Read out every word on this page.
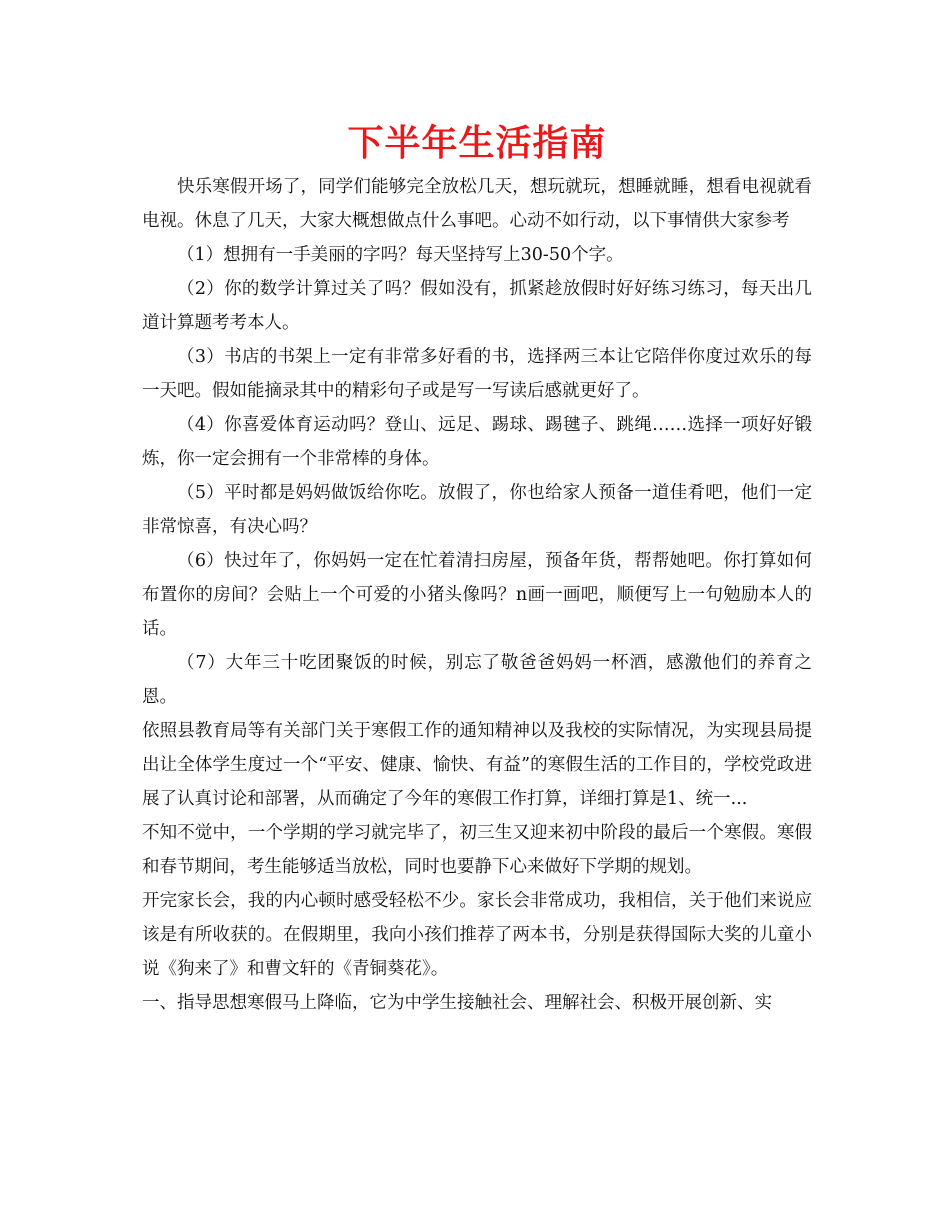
下半年生活指南

快乐寒假开场了，同学们能够完全放松几天，想玩就玩，想睡就睡，想看电视就看电视。休息了几天，大家大概想做点什么事吧。心动不如行动，以下事情供大家参考

（1）想拥有一手美丽的字吗？每天坚持写上30-50个字。

（2）你的数学计算过关了吗？假如没有，抓紧趁放假时好好练习练习，每天出几道计算题考考本人。

（3）书店的书架上一定有非常多好看的书，选择两三本让它陪伴你度过欢乐的每一天吧。假如能摘录其中的精彩句子或是写一写读后感就更好了。

（4）你喜爱体育运动吗？登山、远足、踢球、踢毽子、跳绳……选择一项好好锻炼，你一定会拥有一个非常棒的身体。

（5）平时都是妈妈做饭给你吃。放假了，你也给家人预备一道佳肴吧，他们一定非常惊喜，有决心吗？

（6）快过年了，你妈妈一定在忙着清扫房屋，预备年货，帮帮她吧。你打算如何布置你的房间？会贴上一个可爱的小猪头像吗？n画一画吧，顺便写上一句勉励本人的话。

（7）大年三十吃团聚饭的时候，别忘了敬爸爸妈妈一杯酒，感激他们的养育之恩。

依照县教育局等有关部门关于寒假工作的通知精神以及我校的实际情况，为实现县局提出让全体学生度过一个“平安、健康、愉快、有益”的寒假生活的工作目的，学校党政进展了认真讨论和部署，从而确定了今年的寒假工作打算，详细打算是1、统一...

不知不觉中，一个学期的学习就完毕了，初三生又迎来初中阶段的最后一个寒假。寒假和春节期间，考生能够适当放松，同时也要静下心来做好下学期的规划。

开完家长会，我的内心顿时感受轻松不少。家长会非常成功，我相信，关于他们来说应该是有所收获的。在假期里，我向小孩们推荐了两本书，分别是获得国际大奖的儿童小说《狗来了》和曹文轩的《青铜葵花》。

一、指导思想寒假马上降临，它为中学生接触社会、理解社会、积极开展创新、实
